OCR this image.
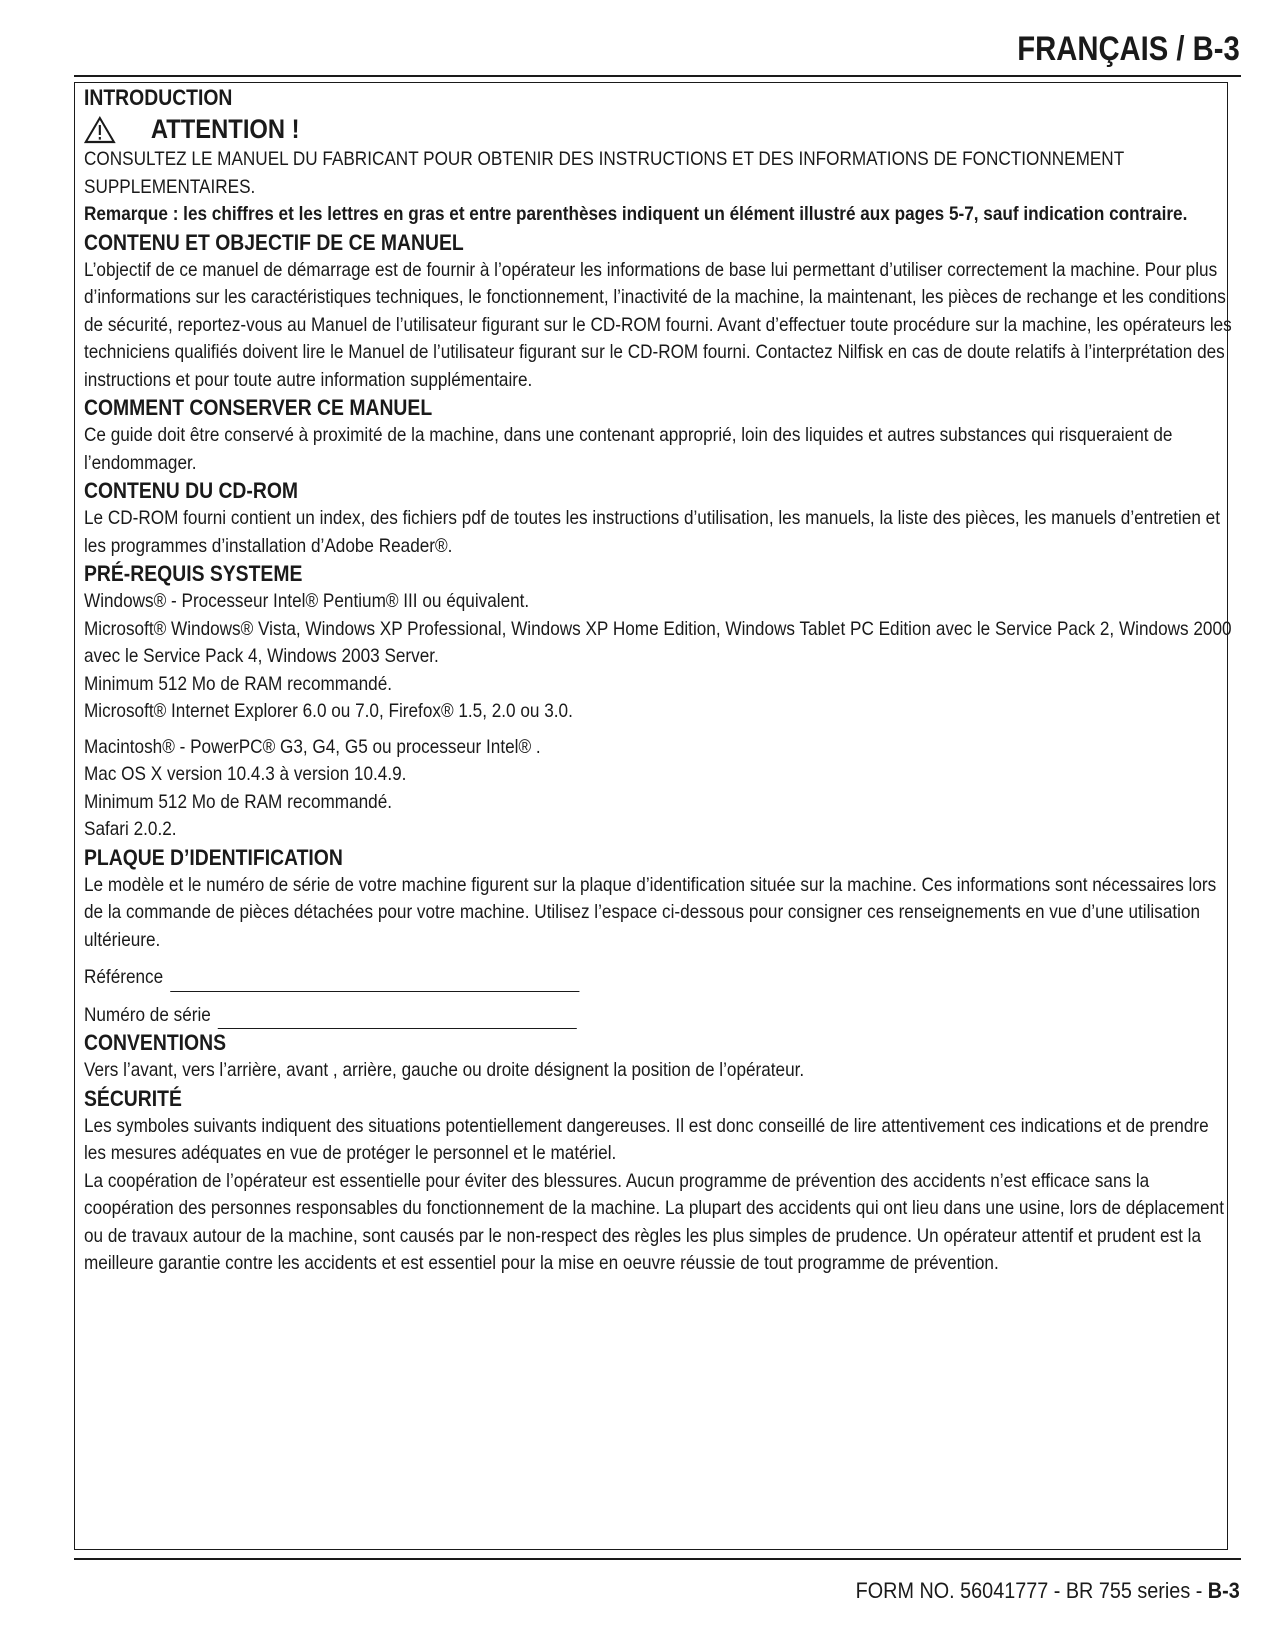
FRANÇAIS / B-3

INTRODUCTION

ATTENTION !

CONSULTEZ LE MANUEL DU FABRICANT POUR OBTENIR DES INSTRUCTIONS ET DES INFORMATIONS DE FONCTIONNEMENT SUPPLEMENTAIRES.

Remarque : les chiffres et les lettres en gras et entre parenthèses indiquent un élément illustré aux pages 5-7, sauf indication contraire.

CONTENU ET OBJECTIF DE CE MANUEL

L’objectif de ce manuel de démarrage est de fournir à l’opérateur les informations de base lui permettant d’utiliser correctement la machine. Pour plus d’informations sur les caractéristiques techniques, le fonctionnement, l’inactivité de la machine, la maintenant, les pièces de rechange et les conditions de sécurité, reportez-vous au Manuel de l’utilisateur figurant sur le CD-ROM fourni. Avant d’effectuer toute procédure sur la machine, les opérateurs les techniciens qualifiés doivent lire le Manuel de l’utilisateur figurant sur le CD-ROM fourni. Contactez Nilfisk en cas de doute relatifs à l’interprétation des instructions et pour toute autre information supplémentaire.

COMMENT CONSERVER CE MANUEL

Ce guide doit être conservé à proximité de la machine, dans une contenant approprié, loin des liquides et autres substances qui risqueraient de l’endommager.

CONTENU DU CD-ROM

Le CD-ROM fourni contient un index, des fichiers pdf de toutes les instructions d’utilisation, les manuels, la liste des pièces, les manuels d’entretien et les programmes d’installation d’Adobe Reader®.

PRÉ-REQUIS SYSTEME

Windows® - Processeur Intel® Pentium® III ou équivalent.

Microsoft® Windows® Vista, Windows XP Professional, Windows XP Home Edition, Windows Tablet PC Edition avec le Service Pack 2, Windows 2000 avec le Service Pack 4, Windows 2003 Server.

Minimum 512 Mo de RAM recommandé.

Microsoft® Internet Explorer 6.0 ou 7.0, Firefox® 1.5, 2.0 ou 3.0.

Macintosh® - PowerPC® G3, G4, G5 ou processeur Intel® .

Mac OS X version 10.4.3 à version 10.4.9.

Minimum 512 Mo de RAM recommandé.

Safari 2.0.2.

PLAQUE D’IDENTIFICATION

Le modèle et le numéro de série de votre machine figurent sur la plaque d’identification située sur la machine. Ces informations sont nécessaires lors de la commande de pièces détachées pour votre machine. Utilisez l’espace ci-dessous pour consigner ces renseignements en vue d’une utilisation ultérieure.

Référence
Numéro de série

CONVENTIONS

Vers l’avant, vers l’arrière, avant , arrière, gauche ou droite désignent la position de l’opérateur.

SÉCURITÉ

Les symboles suivants indiquent des situations potentiellement dangereuses. Il est donc conseillé de lire attentivement ces indications et de prendre les mesures adéquates en vue de protéger le personnel et le matériel.

La coopération de l’opérateur est essentielle pour éviter des blessures. Aucun programme de prévention des accidents n’est efficace sans la coopération des personnes responsables du fonctionnement de la machine. La plupart des accidents qui ont lieu dans une usine, lors de déplacement ou de travaux autour de la machine, sont causés par le non-respect des règles les plus simples de prudence. Un opérateur attentif et prudent est la meilleure garantie contre les accidents et est essentiel pour la mise en oeuvre réussie de tout programme de prévention.

FORM NO. 56041777 - BR 755 series - B-3
